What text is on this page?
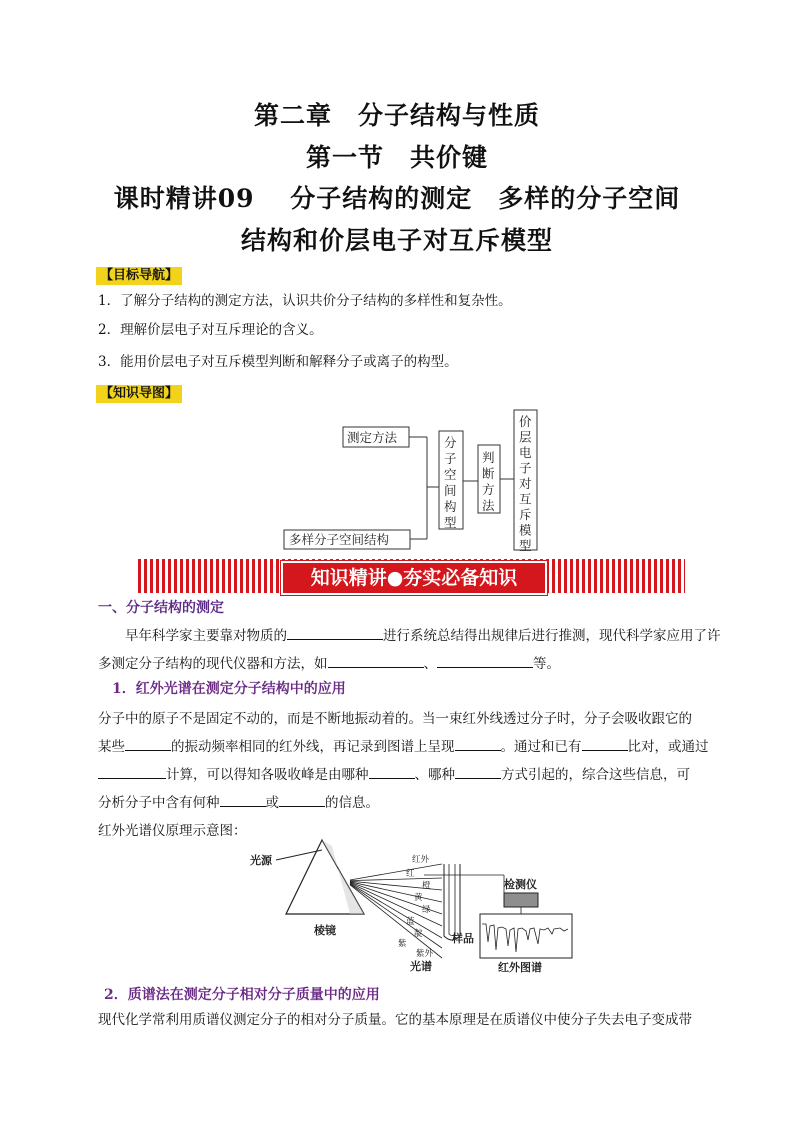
第二章　分子结构与性质
第一节　共价键
课时精讲09　 分子结构的测定　多样的分子空间
结构和价层电子对互斥模型
【目标导航】
1．了解分子结构的测定方法，认识共价分子结构的多样性和复杂性。
2．理解价层电子对互斥理论的含义。
3．能用价层电子对互斥模型判断和解释分子或离子的构型。
【知识导图】
测定方法
多样分子空间结构
分
子
空
间
构
型
判
断
方
法
价
层
电
子
对
互
斥
模
型
知识精讲●夯实必备知识
一、分子结构的测定
早年科学家主要靠对物质的	进行系统总结得出规律后进行推测，现代科学家应用了许
多测定分子结构的现代仪器和方法，如	、	等。
1．红外光谱在测定分子结构中的应用
分子中的原子不是固定不动的，而是不断地振动着的。当一束红外线透过分子时，分子会吸收跟它的
某些	的振动频率相同的红外线，再记录到图谱上呈现	。通过和已有	比对，或通过
计算，可以得知各吸收峰是由哪种	、哪种	方式引起的，综合这些信息，可
分析分子中含有何种	或	的信息。
红外光谱仪原理示意图：
光源
棱镜
光谱
样品
检测仪
红外图谱
红外
红
橙
黄
绿
蓝
靛
紫
紫外
2．质谱法在测定分子相对分子质量中的应用
现代化学常利用质谱仪测定分子的相对分子质量。它的基本原理是在质谱仪中使分子失去电子变成带
